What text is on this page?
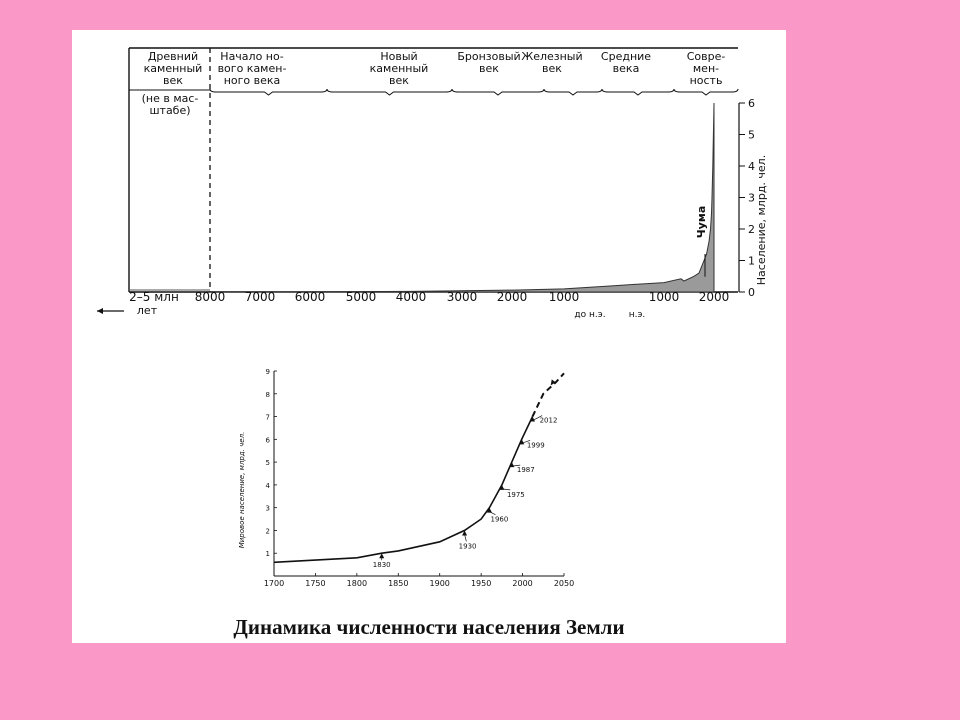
Древний
каменный
век
Начало но-
вого камен-
ного века
Новый
каменный
век
Бронзовый
век
Железный
век
Средние
века
Совре-
мен-
ность
(не в мас-
штабе)
0
1
2
3
4
5
6
2–5 млн 8000 7000 6000 5000 4000 3000 2000 1000	1000 2000
лет	до н.э.	н.э.
Население, млрд. чел.
Чума
1700	1750	1800	1850	1900	1950	2000	2050
1
2
3
4
5
6
7
8
9
1830
1930
1960
1975
1987
1999
2012
Мировое население, млрд. чел.
Динамика численности населения Земли
